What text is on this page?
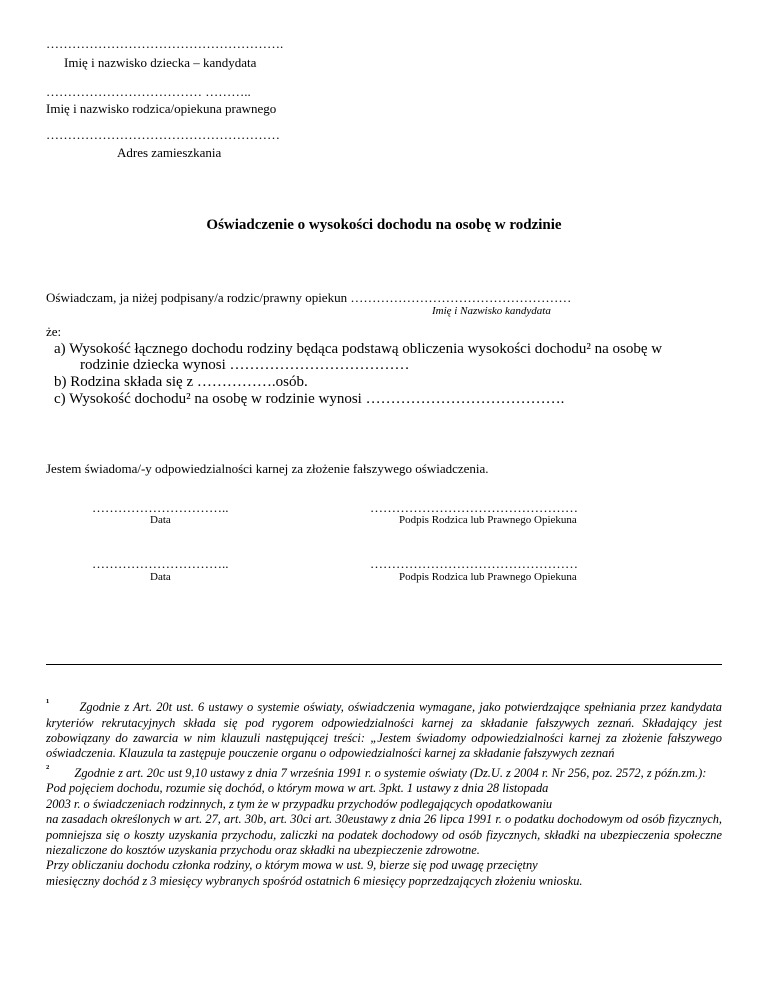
……………………………………………….
Imię i nazwisko dziecka – kandydata
……………………………… ………..
Imię i nazwisko rodzica/opiekuna prawnego
………………………………………………
Adres zamieszkania
Oświadczenie o wysokości dochodu na osobę w rodzinie
Oświadczam, ja niżej podpisany/a rodzic/prawny opiekun ……………………………………………
Imię i Nazwisko kandydata
że:
a) Wysokość łącznego dochodu rodziny będąca podstawą obliczenia wysokości dochodu² na osobę w
rodzinie dziecka wynosi ………………………………
b) Rodzina składa się z …………….osób.
c) Wysokość dochodu² na osobę w rodzinie wynosi ………………………………….
Jestem świadoma/-y odpowiedzialności karnej za złożenie fałszywego oświadczenia.
…………………………..
Data
…………………………………………
Podpis Rodzica lub Prawnego Opiekuna
…………………………..
Data
…………………………………………
Podpis Rodzica lub Prawnego Opiekuna

$^{^1}$ Zgodnie z Art. 20t ust. 6 ustawy o systemie oświaty, oświadczenia wymagane, jako potwierdzające spełniania przez kandydata kryteriów rekrutacyjnych składa się pod rygorem odpowiedzialności karnej za składanie fałszywych zeznań. Składający jest zobowiązany do zawarcia w nim klauzuli następującej treści: „Jestem świadomy odpowiedzialności karnej za złożenie fałszywego oświadczenia. Klauzula ta zastępuje pouczenie organu o odpowiedzialności karnej za składanie fałszywych zeznań

$^{^2}$ Zgodnie z art. 20c ust 9,10 ustawy z dnia 7 września 1991 r. o systemie oświaty (Dz.U. z 2004 r. Nr 256, poz. 2572, z późn.zm.):

Pod pojęciem dochodu, rozumie się dochód, o którym mowa w art. 3pkt. 1 ustawy z dnia 28 listopada

2003 r. o świadczeniach rodzinnych, z tym że w przypadku przychodów podlegających opodatkowaniu

na zasadach określonych w art. 27, art. 30b, art. 30ci art. 30eustawy z dnia 26 lipca 1991 r. o podatku dochodowym od osób fizycznych, pomniejsza się o koszty uzyskania przychodu, zaliczki na podatek dochodowy od osób fizycznych, składki na ubezpieczenia społeczne niezaliczone do kosztów uzyskania przychodu oraz składki na ubezpieczenie zdrowotne.

Przy obliczaniu dochodu członka rodziny, o którym mowa w ust. 9, bierze się pod uwagę przeciętny

miesięczny dochód z 3 miesięcy wybranych spośród ostatnich 6 miesięcy poprzedzających złożeniu wniosku.
